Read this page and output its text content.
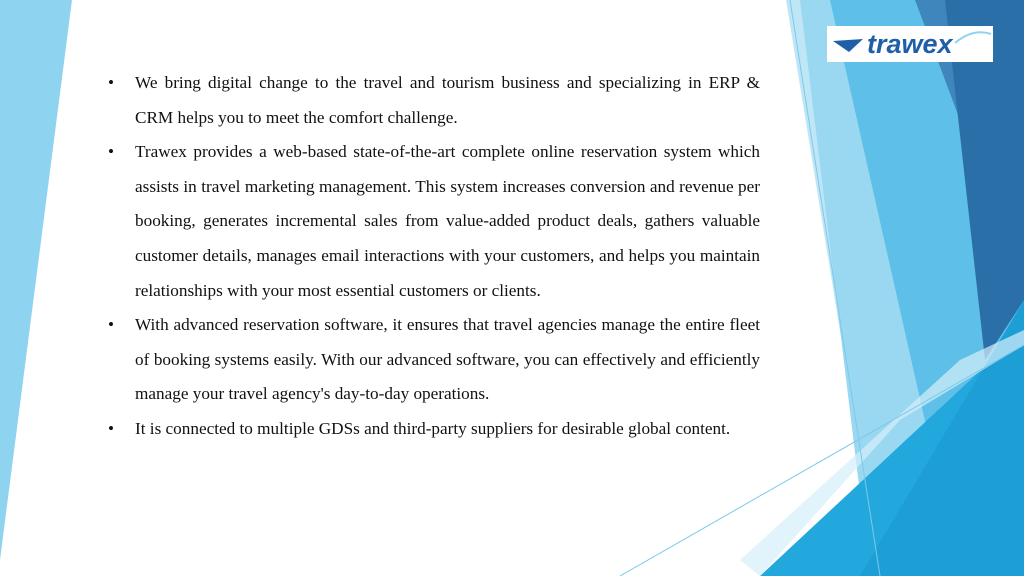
trawex
•	We bring digital change to the travel and tourism business and specializing in ERP & CRM helps you to meet the comfort challenge.
•	Trawex provides a web-based state-of-the-art complete online reservation system which assists in travel marketing management. This system increases conversion and revenue per booking, generates incremental sales from value-added product deals, gathers valuable customer details, manages email interactions with your customers, and helps you maintain relationships with your most essential customers or clients.
•	With advanced reservation software, it ensures that travel agencies manage the entire fleet of booking systems easily. With our advanced software, you can effectively and efficiently manage your travel agency's day-to-day operations.
•	It is connected to multiple GDSs and third-party suppliers for desirable global content.
